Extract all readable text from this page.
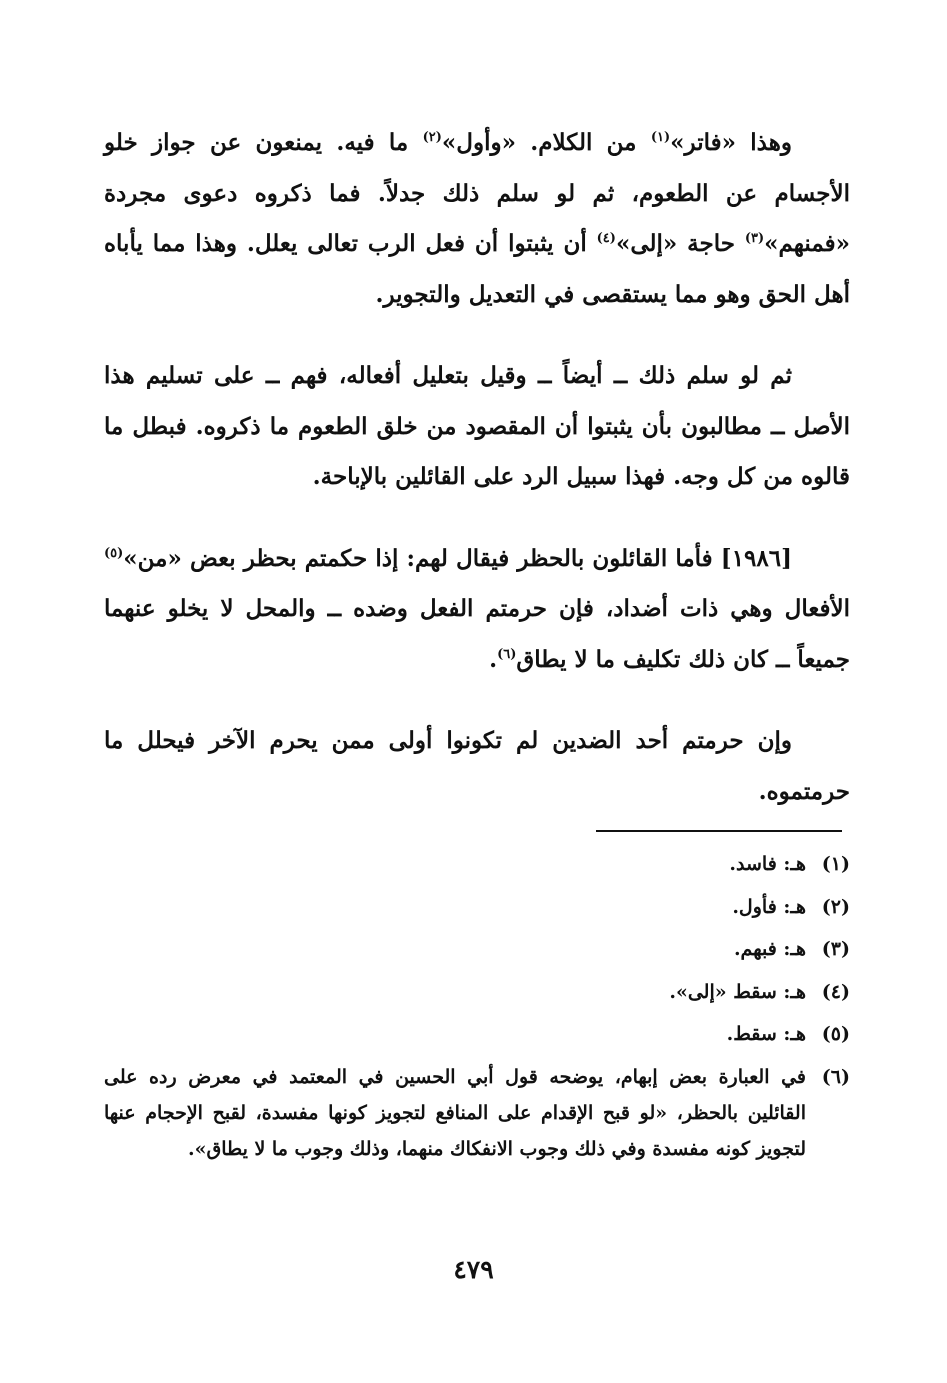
وهذا «فاتر»$^{(١)}$ من الكلام. «وأول»$^{(٢)}$ ما فيه. يمنعون عن جواز خلو الأجسام عن الطعوم، ثم لو سلم ذلك جدلاً. فما ذكروه دعوى مجردة «فمنهم»$^{(٣)}$ حاجة «إلى»$^{(٤)}$ أن يثبتوا أن فعل الرب تعالى يعلل. وهذا مما يأباه أهل الحق وهو مما يستقصى في التعديل والتجوير.

ثم لو سلم ذلك ــ أيضاً ــ وقيل بتعليل أفعاله، فهم ــ على تسليم هذا الأصل ــ مطالبون بأن يثبتوا أن المقصود من خلق الطعوم ما ذكروه. فبطل ما قالوه من كل وجه. فهذا سبيل الرد على القائلين بالإباحة.

[١٩٨٦] فأما القائلون بالحظر فيقال لهم: إذا حكمتم بحظر بعض «من»$^{(٥)}$ الأفعال وهي ذات أضداد، فإن حرمتم الفعل وضده ــ والمحل لا يخلو عنهما جميعاً ــ كان ذلك تكليف ما لا يطاق$^{(٦)}$.

وإن حرمتم أحد الضدين لم تكونوا أولى ممن يحرم الآخر فيحلل ما حرمتموه.

(١)
هـ: فاسد.
(٢)
هـ: فأول.
(٣)
هـ: فبهم.
(٤)
هـ: سقط «إلى».
(٥)
هـ: سقط.
(٦)
في العبارة بعض إبهام، يوضحه قول أبي الحسين في المعتمد في معرض رده على القائلين بالحظر، «لو قبح الإقدام على المنافع لتجويز كونها مفسدة، لقبح الإحجام عنها لتجويز كونه مفسدة وفي ذلك وجوب الانفكاك منهما، وذلك وجوب ما لا يطاق».
٤٧٩
